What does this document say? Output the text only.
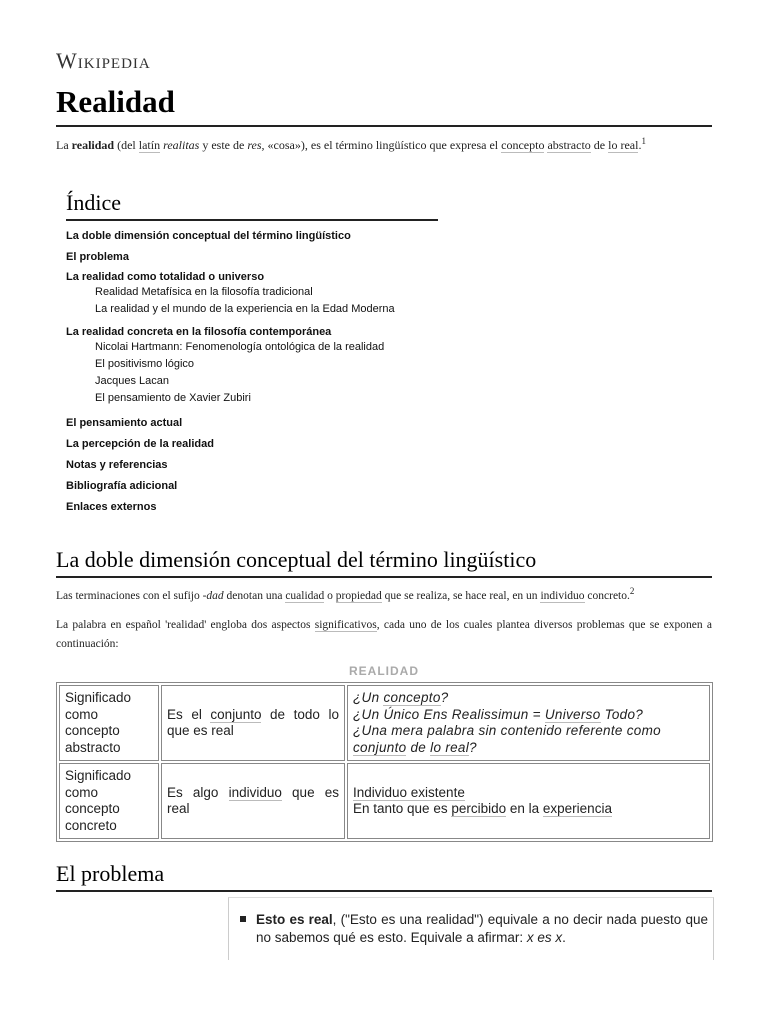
Wikipedia
Realidad
La realidad (del latín realitas y este de res, «cosa»), es el término lingüístico que expresa el concepto abstracto de lo real.$^1$
Índice
La doble dimensión conceptual del término lingüístico
El problema
La realidad como totalidad o universo
Realidad Metafísica en la filosofía tradicional
La realidad y el mundo de la experiencia en la Edad Moderna
La realidad concreta en la filosofía contemporánea
Nicolai Hartmann: Fenomenología ontológica de la realidad
El positivismo lógico
Jacques Lacan
El pensamiento de Xavier Zubiri
El pensamiento actual
La percepción de la realidad
Notas y referencias
Bibliografía adicional
Enlaces externos
La doble dimensión conceptual del término lingüístico
Las terminaciones con el sufijo -dad denotan una cualidad o propiedad que se realiza, se hace real, en un individuo concreto.$^2$
La palabra en español 'realidad' engloba dos aspectos significativos, cada uno de los cuales plantea diversos problemas que se exponen a continuación:
REALIDAD
Significado como concepto abstracto	Es el conjunto de todo lo que es real	¿Un concepto?
¿Un Único Ens Realissimun = Universo Todo?
¿Una mera palabra sin contenido referente como conjunto de lo real?

Significado como concepto concreto	Es algo individuo que es real	Individuo existente
En tanto que es percibido en la experiencia
El problema
Esto es real, ("Esto es una realidad") equivale a no decir nada puesto que no sabemos qué es esto. Equivale a afirmar: x es x.
